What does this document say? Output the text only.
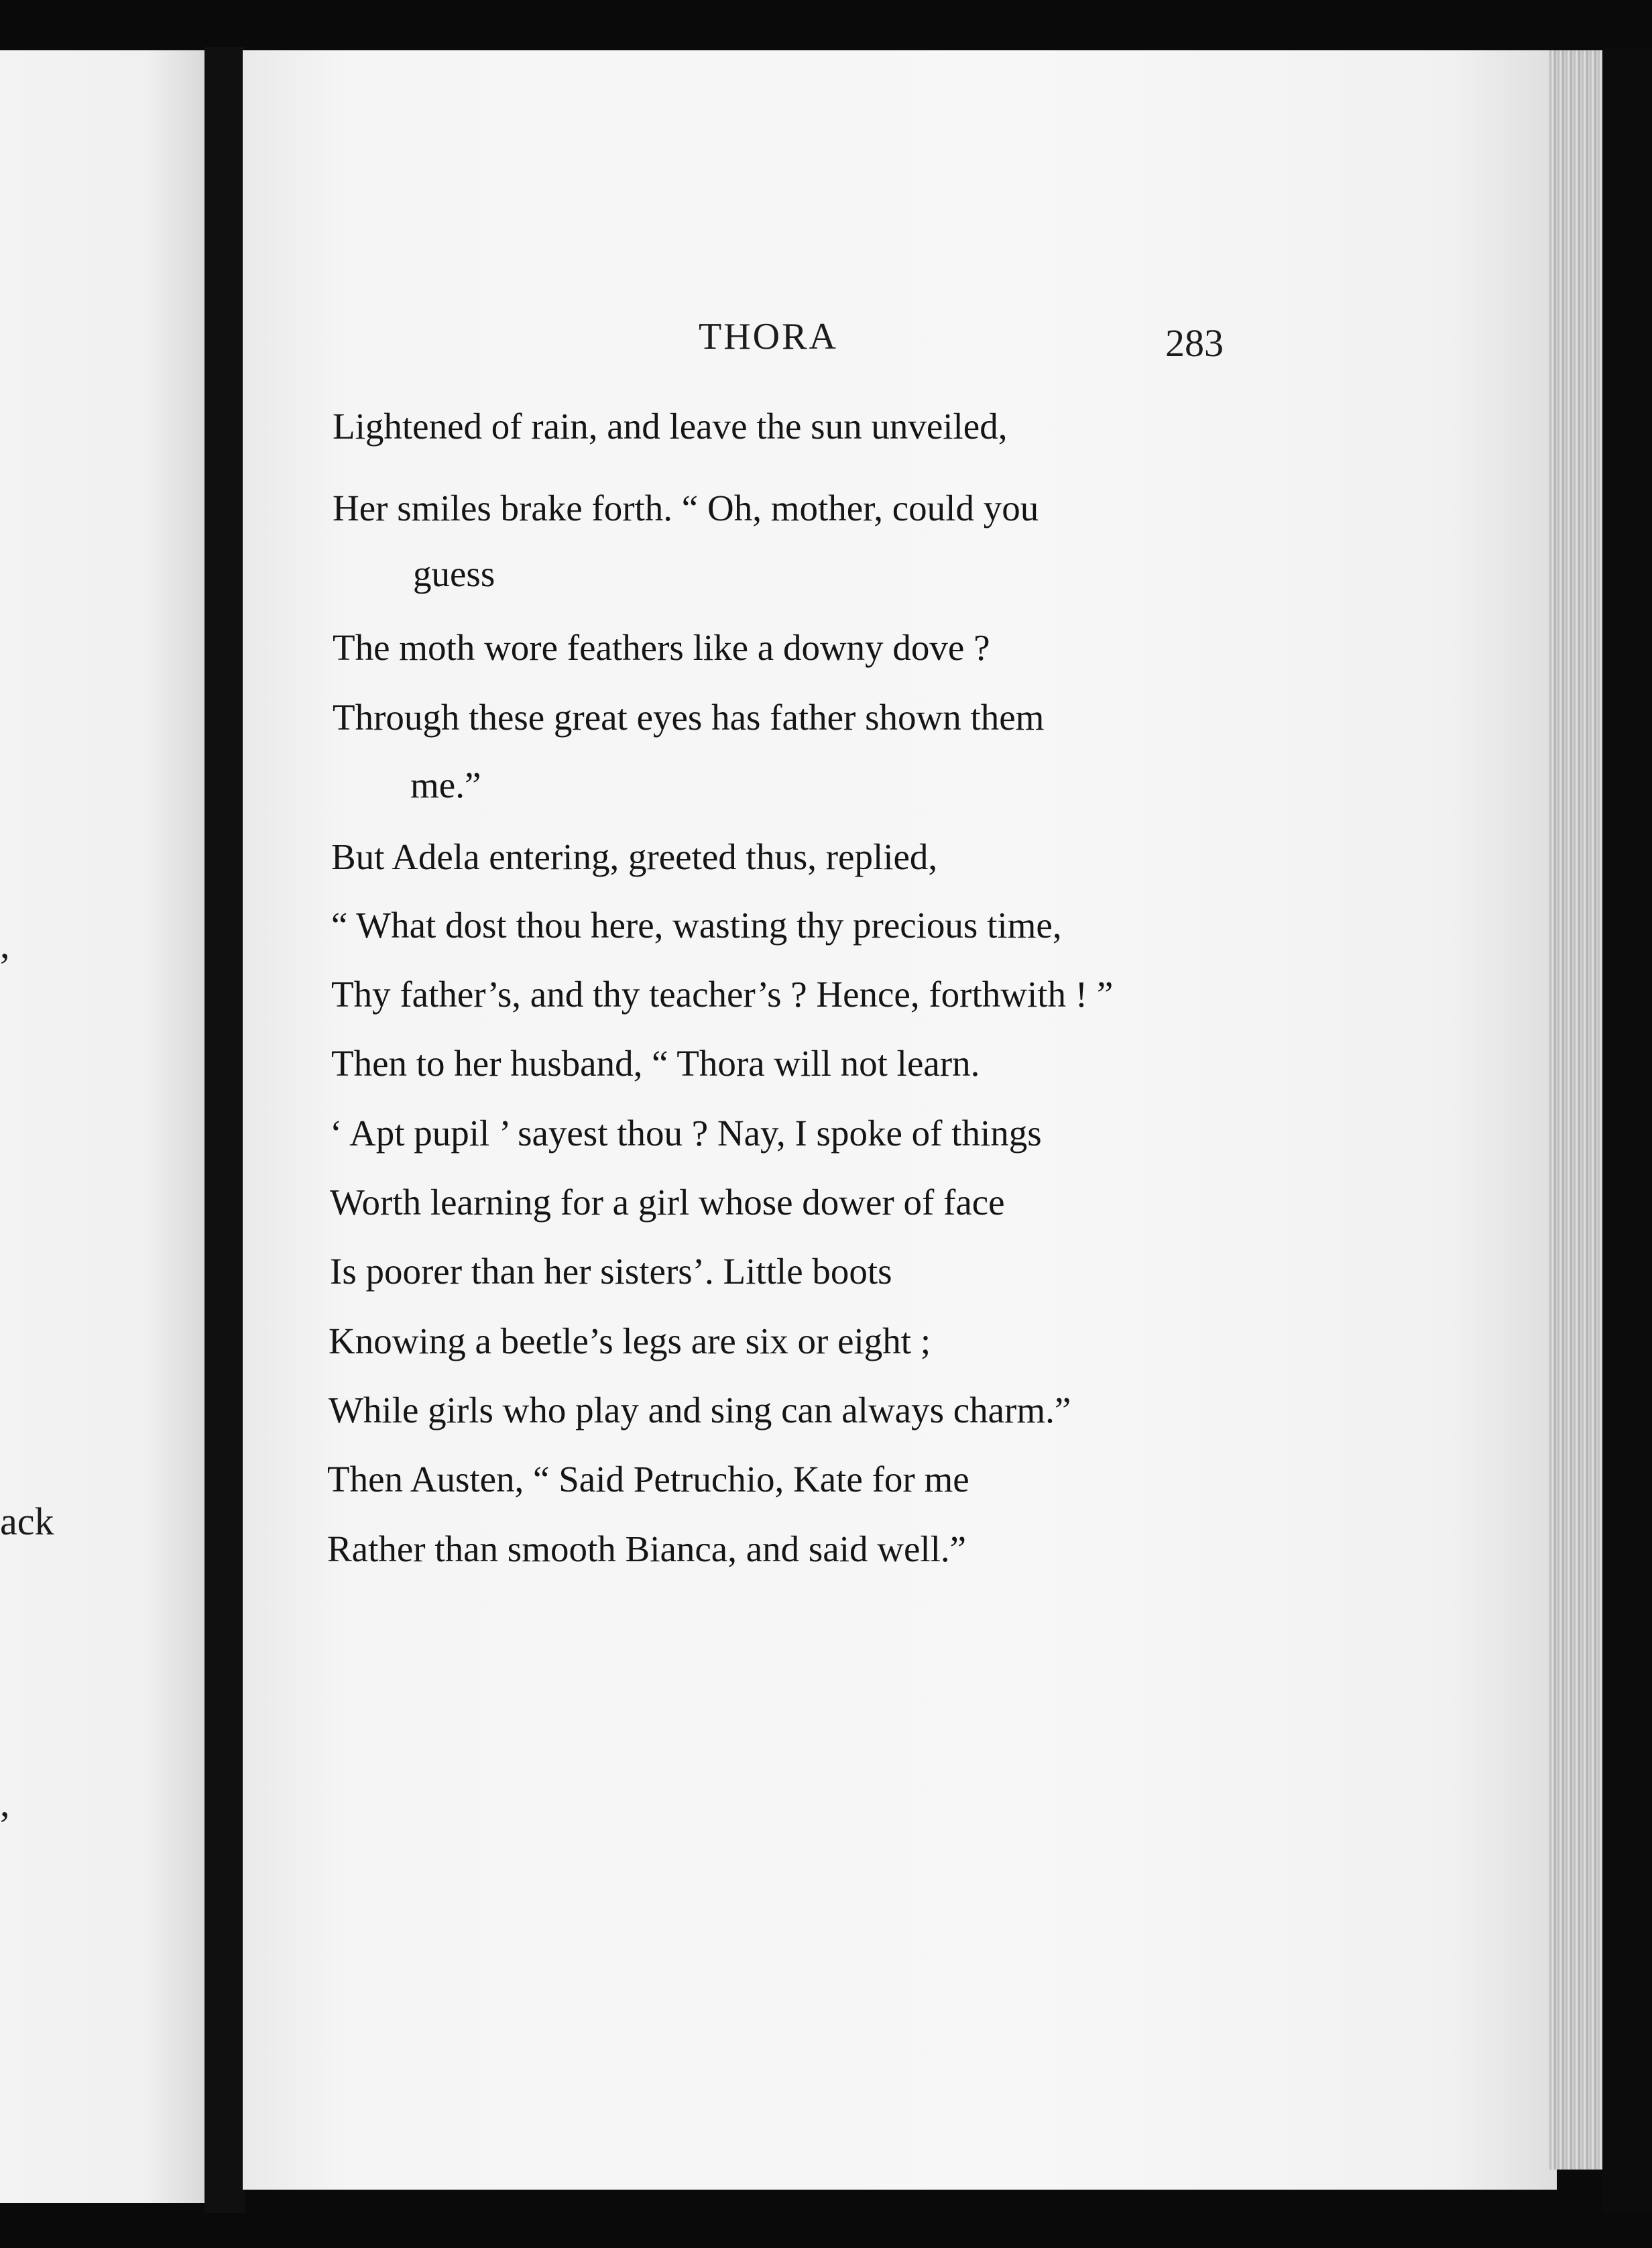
,
ack
,
THORA	283
Lightened of rain, and leave the sun unveiled,
Her smiles brake forth. “ Oh, mother, could you
guess
The moth wore feathers like a downy dove ?
Through these great eyes has father shown them
me.”
But Adela entering, greeted thus, replied,
“ What dost thou here, wasting thy precious time,
Thy father’s, and thy teacher’s ? Hence, forthwith ! ”
Then to her husband, “ Thora will not learn.
‘ Apt pupil ’ sayest thou ? Nay, I spoke of things
Worth learning for a girl whose dower of face
Is poorer than her sisters’. Little boots
Knowing a beetle’s legs are six or eight ;
While girls who play and sing can always charm.”
Then Austen, “ Said Petruchio, Kate for me
Rather than smooth Bianca, and said well.”
